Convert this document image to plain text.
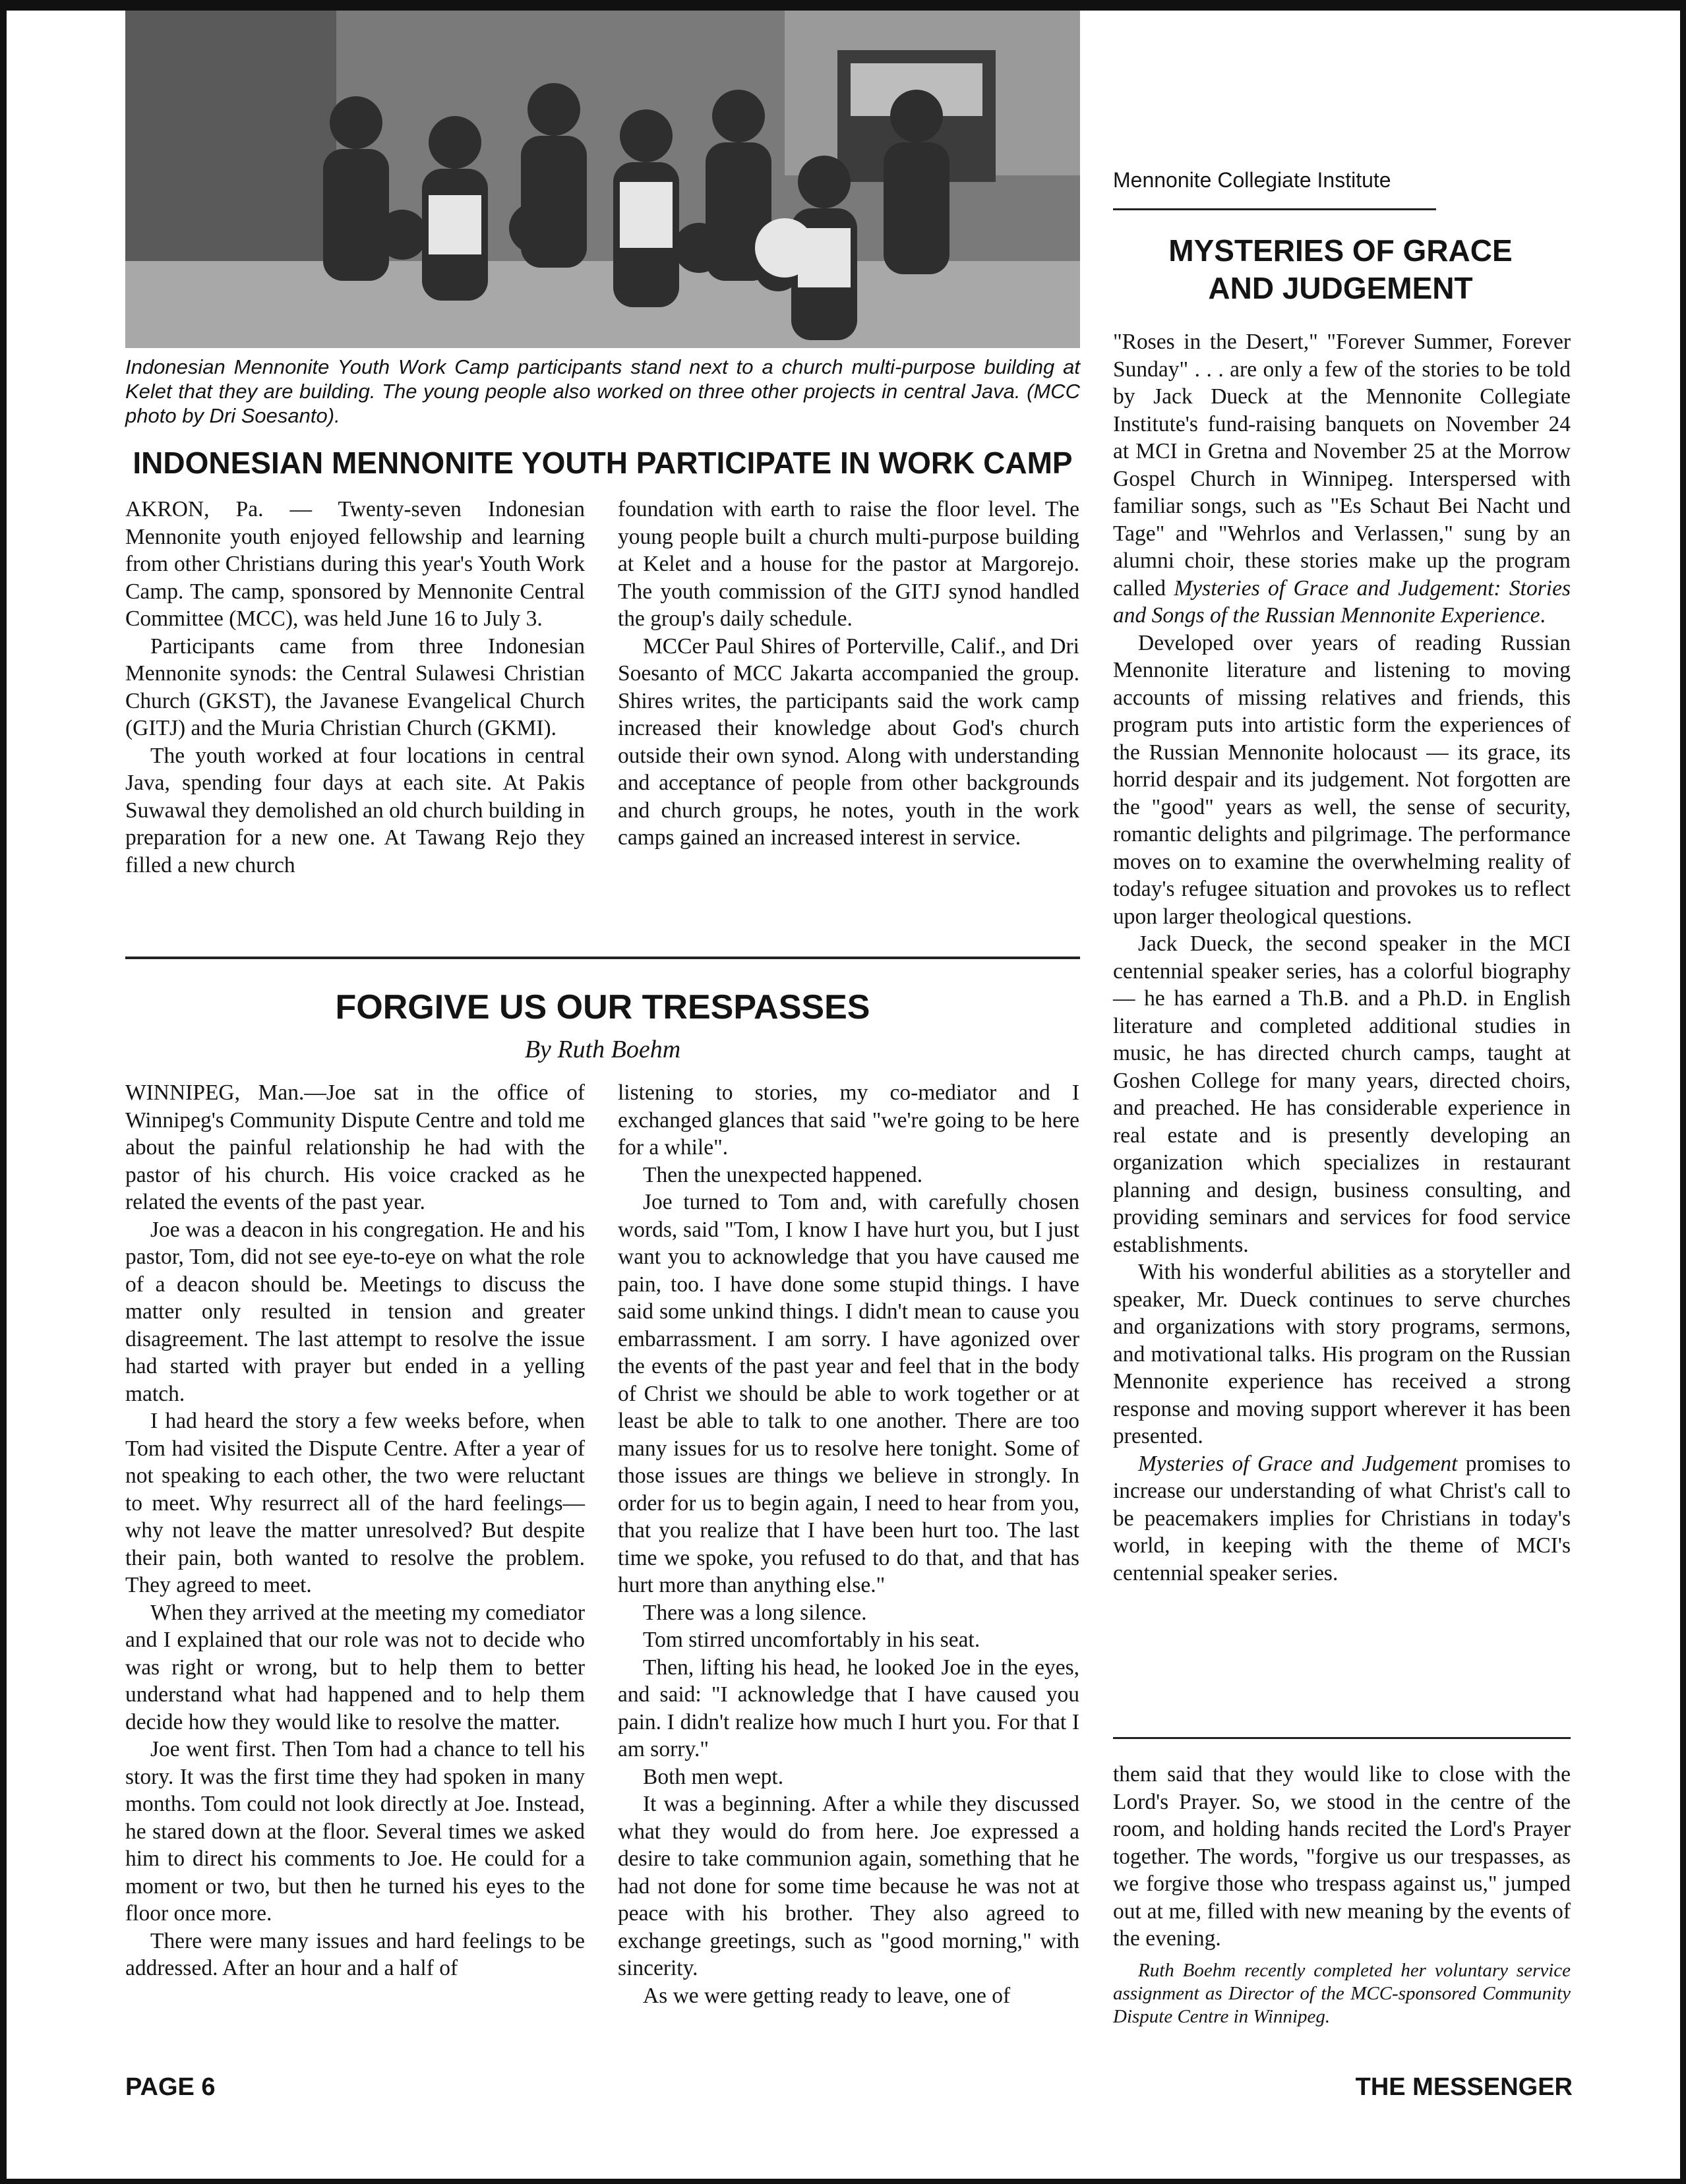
Indonesian Mennonite Youth Work Camp participants stand next to a church multi-purpose building at Kelet that they are building. The young people also worked on three other projects in central Java. (MCC photo by Dri Soesanto).
INDONESIAN MENNONITE YOUTH PARTICIPATE IN WORK CAMP

AKRON, Pa. — Twenty-seven Indonesian Mennonite youth enjoyed fellowship and learning from other Christians during this year's Youth Work Camp. The camp, sponsored by Mennonite Central Committee (MCC), was held June 16 to July 3.

Participants came from three Indonesian Mennonite synods: the Central Sulawesi Christian Church (GKST), the Javanese Evangelical Church (GITJ) and the Muria Christian Church (GKMI).

The youth worked at four locations in central Java, spending four days at each site. At Pakis Suwawal they demolished an old church building in preparation for a new one. At Tawang Rejo they filled a new church

foundation with earth to raise the floor level. The young people built a church multi-purpose building at Kelet and a house for the pastor at Margorejo. The youth commission of the GITJ synod handled the group's daily schedule.

MCCer Paul Shires of Porterville, Calif., and Dri Soesanto of MCC Jakarta accompanied the group. Shires writes, the participants said the work camp increased their knowledge about God's church outside their own synod. Along with understanding and acceptance of people from other backgrounds and church groups, he notes, youth in the work camps gained an increased interest in service.

FORGIVE US OUR TRESPASSES
By Ruth Boehm

WINNIPEG, Man.—Joe sat in the office of Winnipeg's Community Dispute Centre and told me about the painful relationship he had with the pastor of his church. His voice cracked as he related the events of the past year.

Joe was a deacon in his congregation. He and his pastor, Tom, did not see eye-to-eye on what the role of a deacon should be. Meetings to discuss the matter only resulted in tension and greater disagreement. The last attempt to resolve the issue had started with prayer but ended in a yelling match.

I had heard the story a few weeks before, when Tom had visited the Dispute Centre. After a year of not speaking to each other, the two were reluctant to meet. Why resurrect all of the hard feelings—why not leave the matter unresolved? But despite their pain, both wanted to resolve the problem. They agreed to meet.

When they arrived at the meeting my comediator and I explained that our role was not to decide who was right or wrong, but to help them to better understand what had happened and to help them decide how they would like to resolve the matter.

Joe went first. Then Tom had a chance to tell his story. It was the first time they had spoken in many months. Tom could not look directly at Joe. Instead, he stared down at the floor. Several times we asked him to direct his comments to Joe. He could for a moment or two, but then he turned his eyes to the floor once more.

There were many issues and hard feelings to be addressed. After an hour and a half of

listening to stories, my co-mediator and I exchanged glances that said "we're going to be here for a while".

Then the unexpected happened.

Joe turned to Tom and, with carefully chosen words, said "Tom, I know I have hurt you, but I just want you to acknowledge that you have caused me pain, too. I have done some stupid things. I have said some unkind things. I didn't mean to cause you embarrassment. I am sorry. I have agonized over the events of the past year and feel that in the body of Christ we should be able to work together or at least be able to talk to one another. There are too many issues for us to resolve here tonight. Some of those issues are things we believe in strongly. In order for us to begin again, I need to hear from you, that you realize that I have been hurt too. The last time we spoke, you refused to do that, and that has hurt more than anything else."

There was a long silence.

Tom stirred uncomfortably in his seat.

Then, lifting his head, he looked Joe in the eyes, and said: "I acknowledge that I have caused you pain. I didn't realize how much I hurt you. For that I am sorry."

Both men wept.

It was a beginning. After a while they discussed what they would do from here. Joe expressed a desire to take communion again, something that he had not done for some time because he was not at peace with his brother. They also agreed to exchange greetings, such as "good morning," with sincerity.

As we were getting ready to leave, one of

Mennonite Collegiate Institute
MYSTERIES OF GRACE
AND JUDGEMENT

"Roses in the Desert," "Forever Summer, Forever Sunday" . . . are only a few of the stories to be told by Jack Dueck at the Mennonite Collegiate Institute's fund-raising banquets on November 24 at MCI in Gretna and November 25 at the Morrow Gospel Church in Winnipeg. Interspersed with familiar songs, such as "Es Schaut Bei Nacht und Tage" and "Wehrlos and Verlassen," sung by an alumni choir, these stories make up the program called Mysteries of Grace and Judgement: Stories and Songs of the Russian Mennonite Experience.

Developed over years of reading Russian Mennonite literature and listening to moving accounts of missing relatives and friends, this program puts into artistic form the experiences of the Russian Mennonite holocaust — its grace, its horrid despair and its judgement. Not forgotten are the "good" years as well, the sense of security, romantic delights and pilgrimage. The performance moves on to examine the overwhelming reality of today's refugee situation and provokes us to reflect upon larger theological questions.

Jack Dueck, the second speaker in the MCI centennial speaker series, has a colorful biography — he has earned a Th.B. and a Ph.D. in English literature and completed additional studies in music, he has directed church camps, taught at Goshen College for many years, directed choirs, and preached. He has considerable experience in real estate and is presently developing an organization which specializes in restaurant planning and design, business consulting, and providing seminars and services for food service establishments.

With his wonderful abilities as a storyteller and speaker, Mr. Dueck continues to serve churches and organizations with story programs, sermons, and motivational talks. His program on the Russian Mennonite experience has received a strong response and moving support wherever it has been presented.

Mysteries of Grace and Judgement promises to increase our understanding of what Christ's call to be peacemakers implies for Christians in today's world, in keeping with the theme of MCI's centennial speaker series.

them said that they would like to close with the Lord's Prayer. So, we stood in the centre of the room, and holding hands recited the Lord's Prayer together. The words, "forgive us our trespasses, as we forgive those who trespass against us," jumped out at me, filled with new meaning by the events of the evening.

Ruth Boehm recently completed her voluntary service assignment as Director of the MCC-sponsored Community Dispute Centre in Winnipeg.

PAGE 6	THE MESSENGER
